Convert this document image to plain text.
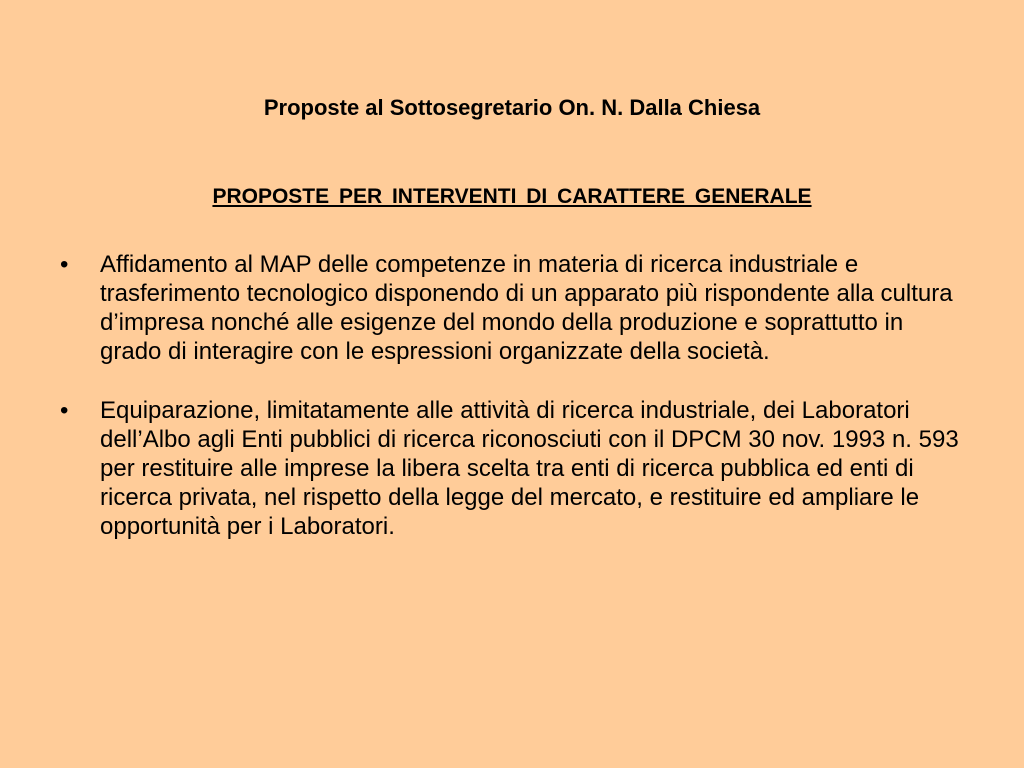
Proposte al Sottosegretario On. N. Dalla Chiesa
PROPOSTE PER INTERVENTI DI CARATTERE GENERALE
• Affidamento al MAP delle competenze in materia di ricerca industriale e trasferimento tecnologico disponendo di un apparato più rispondente alla cultura d’impresa nonché alle esigenze del mondo della produzione e soprattutto in grado di interagire con le espressioni organizzate della società.
• Equiparazione, limitatamente alle attività di ricerca industriale, dei Laboratori dell’Albo agli Enti pubblici di ricerca riconosciuti con il DPCM 30 nov. 1993 n. 593 per restituire alle imprese la libera scelta tra enti di ricerca pubblica ed enti di ricerca privata, nel rispetto della legge del mercato, e restituire ed ampliare le opportunità per i Laboratori.
